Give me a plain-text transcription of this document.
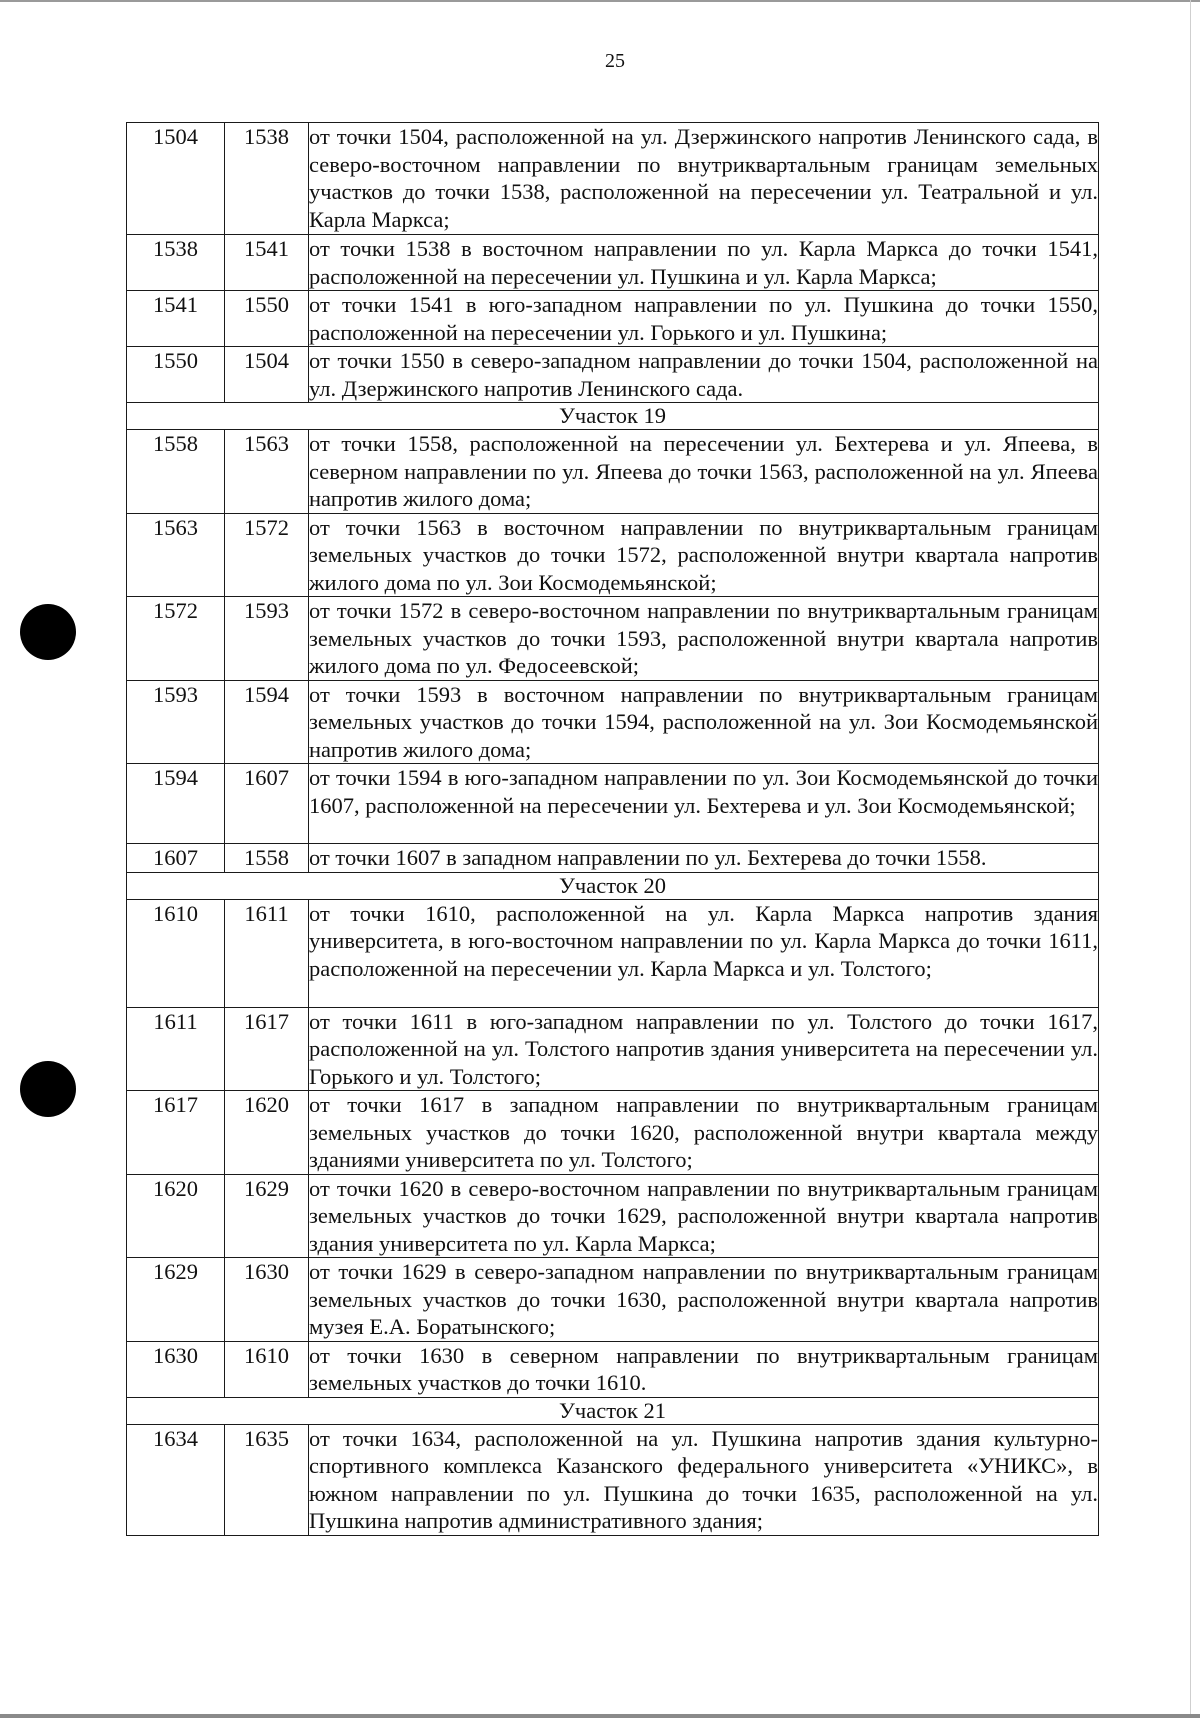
25
1504	1538	от точки 1504, расположенной на ул. Дзержинского напротив Ленинского сада, в северо-восточном направлении по внутриквартальным границам земельных участков до точки 1538, расположенной на пересечении ул. Театральной и ул. Карла Маркса;
1538	1541	от точки 1538 в восточном направлении по ул. Карла Маркса до точки 1541, расположенной на пересечении ул. Пушкина и ул. Карла Маркса;
1541	1550	от точки 1541 в юго-западном направлении по ул. Пушкина до точки 1550, расположенной на пересечении ул. Горького и ул. Пушкина;
1550	1504	от точки 1550 в северо-западном направлении до точки 1504, расположенной на ул. Дзержинского напротив Ленинского сада.
Участок 19		
1558	1563	от точки 1558, расположенной на пересечении ул. Бехтерева и ул. Япеева, в северном направлении по ул. Япеева до точки 1563, расположенной на ул. Япеева напротив жилого дома;
1563	1572	от точки 1563 в восточном направлении по внутриквартальным границам земельных участков до точки 1572, расположенной внутри квартала напротив жилого дома по ул. Зои Космодемьянской;
1572	1593	от точки 1572 в северо-восточном направлении по внутриквартальным границам земельных участков до точки 1593, расположенной внутри квартала напротив жилого дома по ул. Федосеевской;
1593	1594	от точки 1593 в восточном направлении по внутриквартальным границам земельных участков до точки 1594, расположенной на ул. Зои Космодемьянской напротив жилого дома;
1594	1607	от точки 1594 в юго-западном направлении по ул. Зои Космодемьянской до точки 1607, расположенной на пересечении ул. Бехтерева и ул. Зои Космодемьянской;
1607	1558	от точки 1607 в западном направлении по ул. Бехтерева до точки 1558.
Участок 20		
1610	1611	от точки 1610, расположенной на ул. Карла Маркса напротив здания университета, в юго-восточном направлении по ул. Карла Маркса до точки 1611, расположенной на пересечении ул. Карла Маркса и ул. Толстого;
1611	1617	от точки 1611 в юго-западном направлении по ул. Толстого до точки 1617, расположенной на ул. Толстого напротив здания университета на пересечении ул. Горького и ул. Толстого;
1617	1620	от точки 1617 в западном направлении по внутриквартальным границам земельных участков до точки 1620, расположенной внутри квартала между зданиями университета по ул. Толстого;
1620	1629	от точки 1620 в северо-восточном направлении по внутриквартальным границам земельных участков до точки 1629, расположенной внутри квартала напротив здания университета по ул. Карла Маркса;
1629	1630	от точки 1629 в северо-западном направлении по внутриквартальным границам земельных участков до точки 1630, расположенной внутри квартала напротив музея Е.А. Боратынского;
1630	1610	от точки 1630 в северном направлении по внутриквартальным границам земельных участков до точки 1610.
Участок 21		
1634	1635	от точки 1634, расположенной на ул. Пушкина напротив здания культурно-спортивного комплекса Казанского федерального университета «УНИКС», в южном направлении по ул. Пушкина до точки 1635, расположенной на ул. Пушкина напротив административного здания;
